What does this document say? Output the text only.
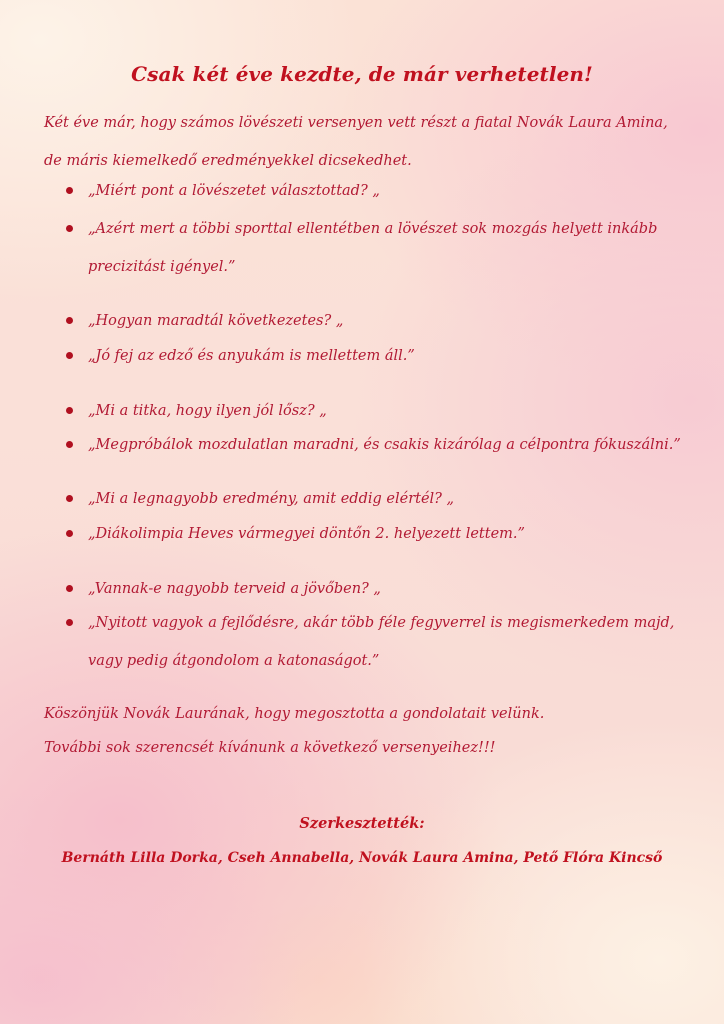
Csak két éve kezdte, de már verhetetlen!
Két éve már, hogy számos lövészeti versenyen vett részt a fiatal Novák Laura Amina, de máris kiemelkedő eredményekkel dicsekedhet.
„Miért pont a lövészetet választottad? „
„Azért mert a többi sporttal ellentétben a lövészet sok mozgás helyett inkább precizitást igényel.”
„Hogyan maradtál következetes? „
„Jó fej az edző és anyukám is mellettem áll.”
„Mi a titka, hogy ilyen jól lősz? „
„Megpróbálok mozdulatlan maradni, és csakis kizárólag a célpontra fókuszálni.”
„Mi a legnagyobb eredmény, amit eddig elértél? „
„Diákolimpia Heves vármegyei döntőn 2. helyezett lettem.”
„Vannak-e nagyobb terveid a jövőben? „
„Nyitott vagyok a fejlődésre, akár több féle fegyverrel is megismerkedem majd, vagy pedig átgondolom a katonaságot.”
Köszönjük Novák Laurának, hogy megosztotta a gondolatait velünk.
További sok szerencsét kívánunk a következő versenyeihez!!!
Szerkesztették:
Bernáth Lilla Dorka, Cseh Annabella, Novák Laura Amina, Pető Flóra Kincső
